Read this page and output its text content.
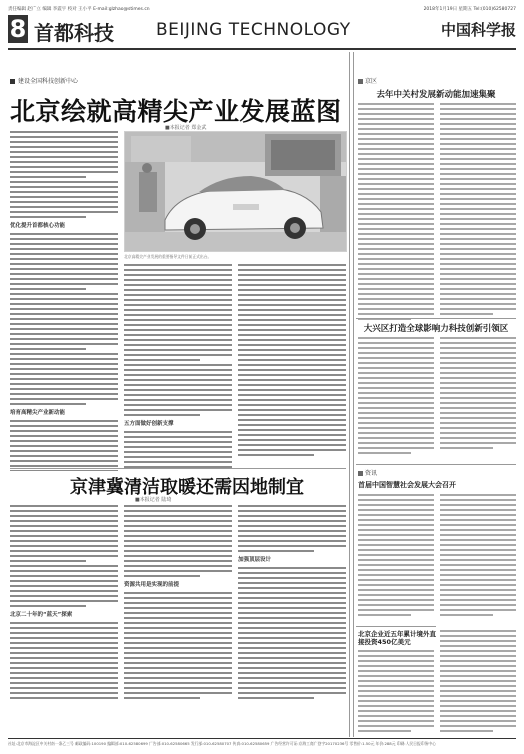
责任编辑 赵广立 编辑 李震宇 校对 王小平 E-mail:glzhao@stimes.cn	2018年1月19日 星期五 Tel:(010)62580727
8 首都科技 BEIJING TECHNOLOGY	中国科学报
建设全国科技创新中心
北京绘就高精尖产业发展蓝图
■本报记者 郑金武
优化提升首都核心功能
培育高精尖产业新动能
北京高精尖产业发展的重要指导文件日前正式出台。
五方面做好创新支撑
京津冀清洁取暖还需因地制宜
■本报记者 陆琦
北京二十年的“蓝天”探索
资源共用是实现的前提
加强顶层设计
京区
去年中关村发展新动能加速集聚
大兴区打造全球影响力科技创新引领区
资讯
首届中国智慧社会发展大会召开
北京企业近五年累计境外直接投资450亿美元
社址:北京市海淀区中关村南一条乙三号 邮政编码:100190 编辑部:010-62580699 广告部:010-62580665 发行部:010-62580707 传真:010-62580659 广告经营许可证:京海工商广登字20170236号 零售价:1.50元 年价:288元 印刷:人民日报印务中心
